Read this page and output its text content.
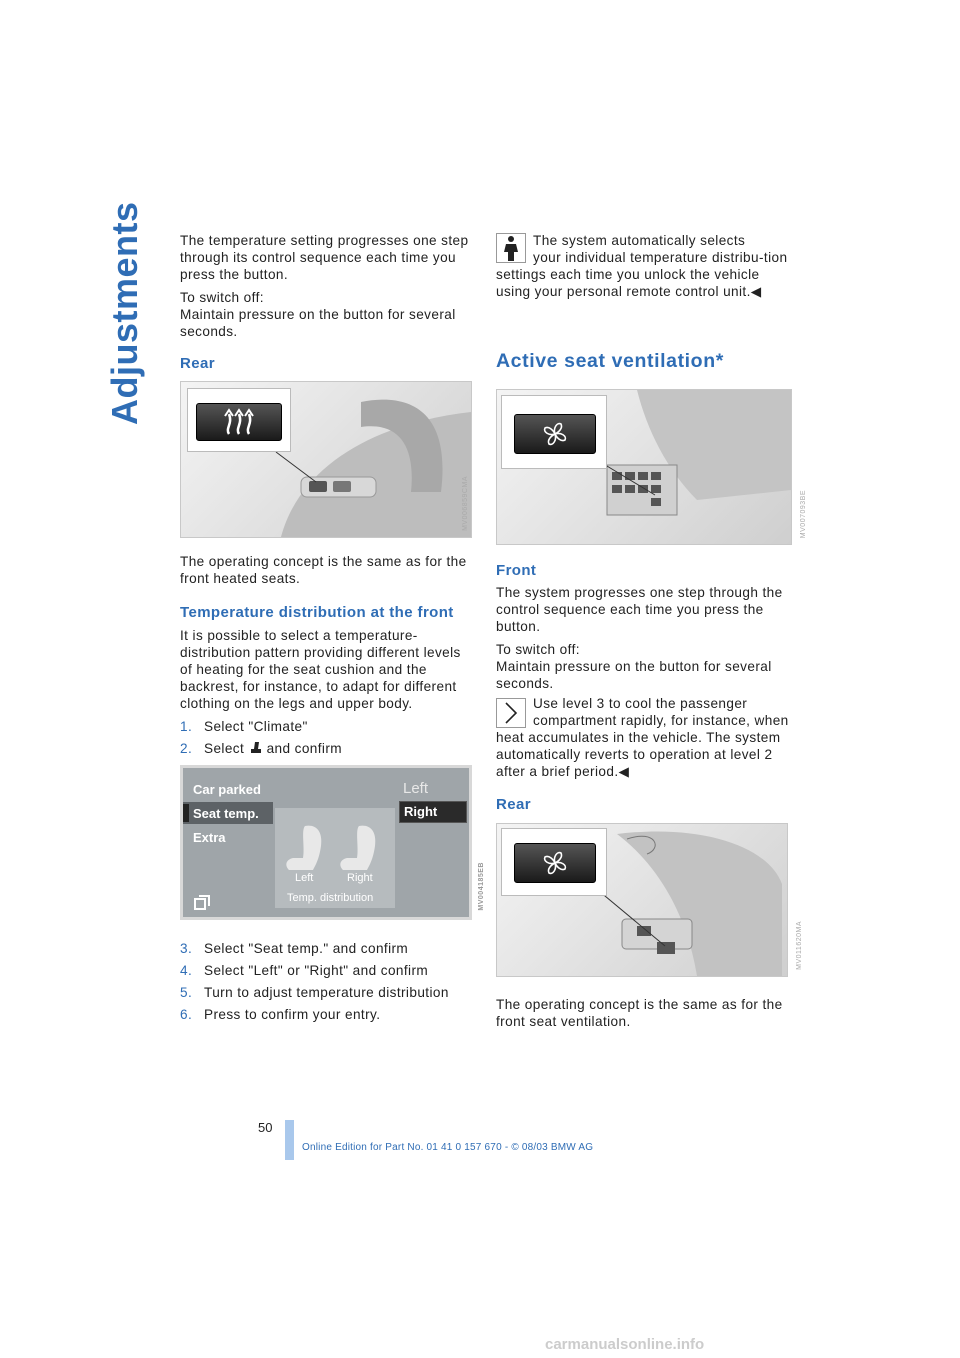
Adjustments	The temperature setting progresses one step through its control sequence each time you press the button.

To switch off:
Maintain pressure on the button for several seconds.

Rear
MV006859CMA

The operating concept is the same as for the front heated seats.

Temperature distribution at the front

It is possible to select a temperature-distribution pattern providing different levels of heating for the seat cushion and the backrest, for instance, to adapt for different clothing on the legs and upper body.

1. Select "Climate"
2. Select and confirm
Car parked
Seat temp.
Extra
Left
Right
Left	Right
Temp. distribution	MV004185EB
3. Select "Seat temp." and confirm
4. Select "Left" or "Right" and confirm
5. Turn to adjust temperature distribution
6. Press to confirm your entry.

The system automatically selects
your individual temperature distribu-tion settings each time you unlock the vehicle using your personal remote control unit.◀

Active seat ventilation*
MV007093BE
Front

The system progresses one step through the control sequence each time you press the button.

To switch off:
Maintain pressure on the button for several seconds.

Use level 3 to cool the passenger
compartment rapidly, for instance, when heat accumulates in the vehicle. The system automatically reverts to operation at level 2 after a brief period.◀

Rear
MV011620MA

The operating concept is the same as for the front seat ventilation.

50
Online Edition for Part No. 01 41 0 157 670 - © 08/03 BMW AG
carmanualsonline.info
